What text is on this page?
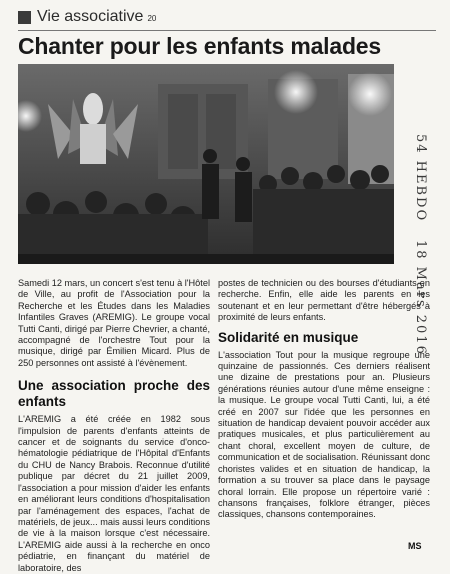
Vie associative 20
Chanter pour les enfants malades
54 HEBDO
18 Mars 2016

Samedi 12 mars, un concert s'est tenu à l'Hôtel de Ville, au profit de l'Association pour la Recherche et les Études dans les Maladies Infantiles Graves (AREMIG). Le groupe vocal Tutti Canti, dirigé par Pierre Chevrier, a chanté, accompagné de l'orchestre Tout pour la musique, dirigé par Émilien Micard. Plus de 250 personnes ont assisté à l'évènement.

Une association proche des enfants

L'AREMIG a été créée en 1982 sous l'impulsion de parents d'enfants atteints de cancer et de soignants du service d'onco-hématologie pédiatrique de l'Hôpital d'Enfants du CHU de Nancy Brabois. Reconnue d'utilité publique par décret du 21 juillet 2009, l'association a pour mission d'aider les enfants en améliorant leurs conditions d'hospitalisation par l'aménagement des espaces, l'achat de matériels, de jeux... mais aussi leurs conditions de vie à la maison lorsque c'est nécessaire. L'AREMIG aide aussi à la recherche en onco pédiatrie, en finançant du matériel de laboratoire, des

postes de technicien ou des bourses d'étudiants en recherche. Enfin, elle aide les parents en les soutenant et en leur permettant d'être hébergés à proximité de leurs enfants.

Solidarité en musique

L'association Tout pour la musique regroupe une quinzaine de passionnés. Ces derniers réalisent une dizaine de prestations pour an. Plusieurs générations réunies autour d'une même enseigne : la musique. Le groupe vocal Tutti Canti, lui, a été créé en 2007 sur l'idée que les personnes en situation de handicap devaient pouvoir accéder aux pratiques musicales, et plus particulièrement au chant choral, excellent moyen de culture, de communication et de socialisation. Réunissant donc choristes valides et en situation de handicap, la formation a su trouver sa place dans le paysage choral lorrain. Elle propose un répertoire varié : chansons françaises, folklore étranger, pièces classiques, chansons contemporaines.

MS
